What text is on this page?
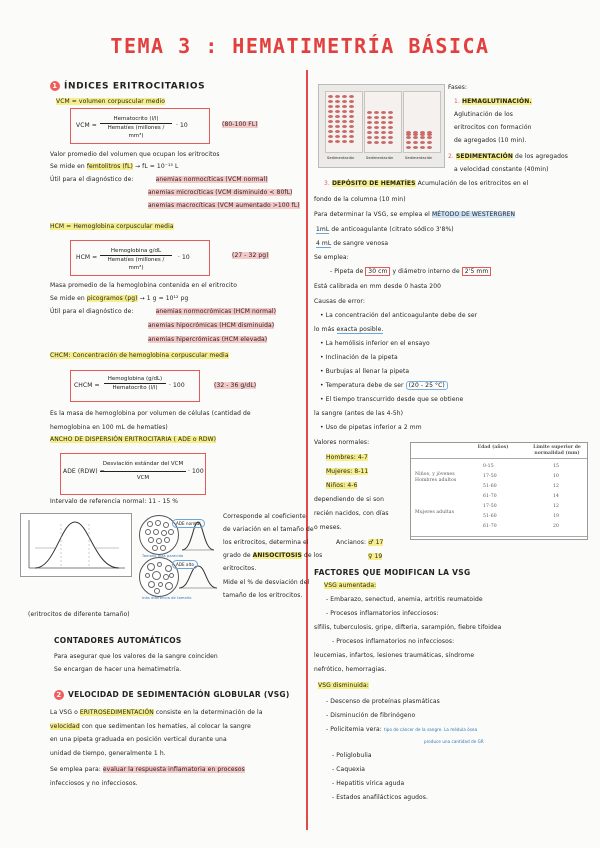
TEMA 3 : HEMATIMETRÍA BÁSICA
1 ÍNDICES ERITROCITARIOS
VCM = volumen corpuscular medio
VCM =
Hematocrito (l/l)
Hematíes (millones / mm³)
· 10	(80-100 FL)
Valor promedio del volumen que ocupan los eritrocitos
Se mide en femtolitros (fL) → fL = 10⁻¹⁵ L
Útil para el diagnóstico de:	anemias normocíticas (VCM normal)
anemias microcíticas (VCM disminuido < 80fL)
anemias macrocíticas (VCM aumentado >100 fL)
HCM = Hemoglobina corpuscular media
HCM =
Hemoglobina g/dL
Hematíes (millones / mm³)
· 10	(27 - 32 pg)
Masa promedio de la hemoglobina contenida en el eritrocito
Se mide en picogramos (pg) → 1 g = 10¹² pg
Útil para el diagnóstico de:	anemias normocrómicas (HCM normal)
anemias hipocrómicas (HCM disminuida)
anemias hipercrómicas (HCM elevada)
CHCM: Concentración de hemoglobina corpuscular media
CHCM =
Hemoglobina (g/dL)
Hematocrito (l/l)	· 100	(32 - 36 g/dL)
Es la masa de hemoglobina por volumen de células (cantidad de
hemoglobina en 100 mL de hematíes)
ANCHO DE DISPERSIÓN ERITROCITARIA ( ADE o RDW)
ADE (RDW) =
Desviación estándar del VCM
VCM
· 100
Intervalo de referencia normal: 11 - 15 %
ADE normal
ADE alto
Tamaño más parecido
más diferencia de tamaño
Corresponde al coeficiente
de variación en el tamaño de
los eritrocitos, determina el
grado de ANISOCITOSIS de los
eritrocitos.
Mide el % de desviación del
tamaño de los eritrocitos.
(eritrocitos de diferente tamaño)
CONTADORES AUTOMÁTICOS
Para asegurar que los valores de la sangre coinciden
Se encargan de hacer una hematimetría.
2 VELOCIDAD DE SEDIMENTACIÓN GLOBULAR (VSG)
La VSG o ERITROSEDIMENTACIÓN consiste en la determinación de la
velocidad con que sedimentan los hematíes, al colocar la sangre
en una pipeta graduada en posición vertical durante una
unidad de tiempo, generalmente 1 h.
Se emplea para: evaluar la respuesta inflamatoria en procesos
infecciosos y no infecciosos.
Sedimentación	Sedimentación	Sedimentación
Fases:
1. HEMAGLUTINACIÓN.
Aglutinación de los
eritrocitos con formación
de agregados (10 min).
2. SEDIMENTACIÓN de los agregados
a velocidad constante (40min)
3. DEPÓSITO DE HEMATÍES Acumulación de los eritrocitos en el
fondo de la columna (10 min)
Para determinar la VSG, se emplea el MÉTODO DE WESTERGREN
1mL de anticoagulante (citrato sódico 3'8%)
4 mL de sangre venosa
Se emplea:
- Pipeta de 30 cm y diámetro interno de 2'5 mm
Está calibrada en mm desde 0 hasta 200
Causas de error:
• La concentración del anticoagulante debe de ser
lo más exacta posible.
• La hemólisis inferior en el ensayo
• Inclinación de la pipeta
• Burbujas al llenar la pipeta
• Temperatura debe de ser (20 - 25 °C)
• El tiempo transcurrido desde que se obtiene
la sangre (antes de las 4-5h)
• Uso de pipetas inferior a 2 mm
Valores normales:
Hombres: 4-7
Mujeres: 8-11
Niños: 4-6
dependiendo de si son
recién nacidos, con días
o meses.
Ancianos: ♂ 17
♀ 19
Edad (años)	Límite superior de normalidad (mm)
Niños, y jóvenes
Hombres adultos
Mujeres adultas
0-15	15
17-50	10
51-60	12
61-70	14
17-50	12
51-60	19
61-70	20
FACTORES QUE MODIFICAN LA VSG
VSG aumentada:
- Embarazo, senectud, anemia, artritis reumatoide
- Procesos inflamatorios infecciosos:
sífilis, tuberculosis, gripe, difteria, sarampión, fiebre tifoidea
- Procesos inflamatorios no infecciosos:
leucemias, infartos, lesiones traumáticas, síndrome
nefrótico, hemorragias.
VSG disminuida:
- Descenso de proteínas plasmáticas
- Disminución de fibrinógeno
- Policitemia vera: tipo de cáncer de la sangre. La médula ósea
produce una cantidad de GR
- Poliglobulia
- Caquexia
- Hepatitis vírica aguda
- Estados anafilácticos agudos.
